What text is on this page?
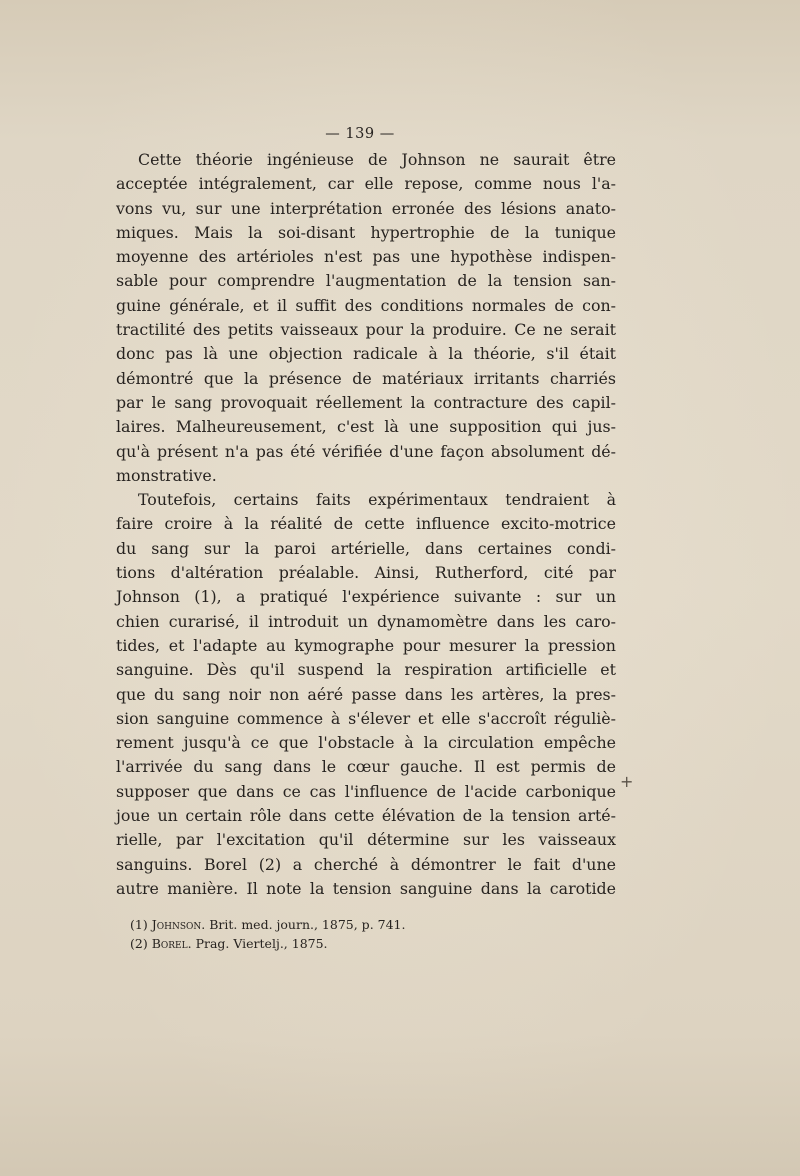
— 139 —
Cette théorie ingénieuse de Johnson ne saurait être
acceptée intégralement, car elle repose, comme nous l'a-
vons vu, sur une interprétation erronée des lésions anato-
miques. Mais la soi-disant hypertrophie de la tunique
moyenne des artérioles n'est pas une hypothèse indispen-
sable pour comprendre l'augmentation de la tension san-
guine générale, et il suffit des conditions normales de con-
tractilité des petits vaisseaux pour la produire. Ce ne serait
donc pas là une objection radicale à la théorie, s'il était
démontré que la présence de matériaux irritants charriés
par le sang provoquait réellement la contracture des capil-
laires. Malheureusement, c'est là une supposition qui jus-
qu'à présent n'a pas été vérifiée d'une façon absolument dé-
monstrative.
Toutefois, certains faits expérimentaux tendraient à
faire croire à la réalité de cette influence excito-motrice
du sang sur la paroi artérielle, dans certaines condi-
tions d'altération préalable. Ainsi, Rutherford, cité par
Johnson (1), a pratiqué l'expérience suivante : sur un
chien curarisé, il introduit un dynamomètre dans les caro-
tides, et l'adapte au kymographe pour mesurer la pression
sanguine. Dès qu'il suspend la respiration artificielle et
que du sang noir non aéré passe dans les artères, la pres-
sion sanguine commence à s'élever et elle s'accroît réguliè-
rement jusqu'à ce que l'obstacle à la circulation empêche
l'arrivée du sang dans le cœur gauche. Il est permis de
supposer que dans ce cas l'influence de l'acide carbonique
joue un certain rôle dans cette élévation de la tension arté-
rielle, par l'excitation qu'il détermine sur les vaisseaux
sanguins. Borel (2) a cherché à démontrer le fait d'une
autre manière. Il note la tension sanguine dans la carotide
+
(1) Johnson. Brit. med. journ., 1875, p. 741.
(2) Borel. Prag. Viertelj., 1875.
